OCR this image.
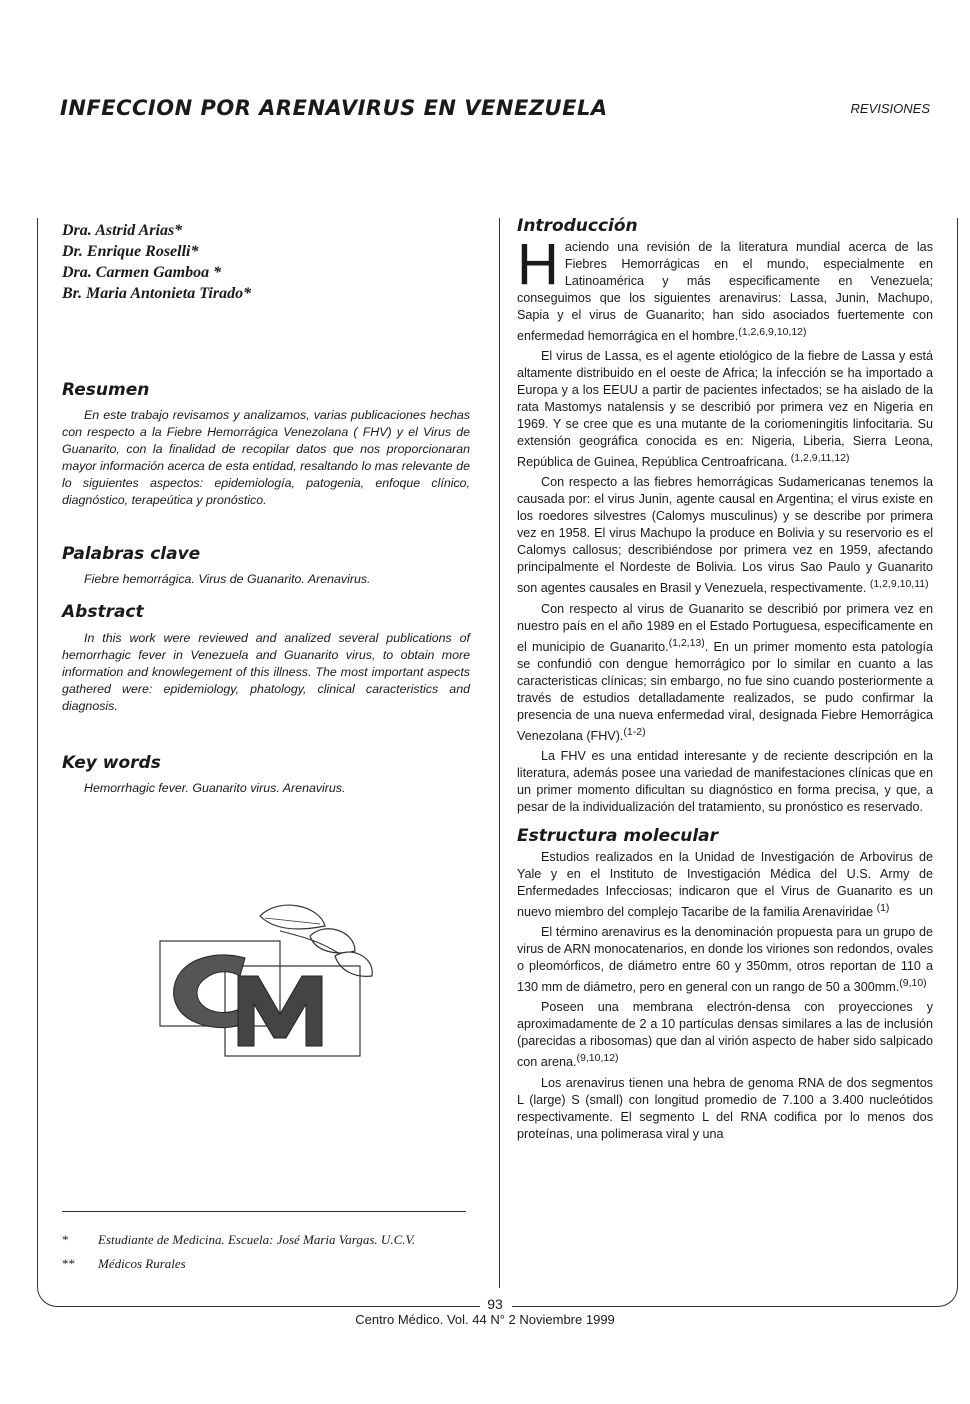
INFECCION POR ARENAVIRUS EN VENEZUELA	REVISIONES
Dra. Astrid Arias*
Dr. Enrique Roselli*
Dra. Carmen Gamboa *
Br. Maria Antonieta Tirado*
Resumen

En este trabajo revisamos y analizamos, varias publicaciones hechas con respecto a la Fiebre Hemorrágica Venezolana ( FHV) y el Virus de Guanarito, con la finalidad de recopilar datos que nos proporcionaran mayor información acerca de esta entidad, resaltando lo mas relevante de lo siguientes aspectos: epidemiología, patogenia, enfoque clínico, diagnóstico, terapeútica y pronóstico.

Palabras clave

Fiebre hemorrágica. Virus de Guanarito. Arenavirus.

Abstract

In this work were reviewed and analized several publications of hemorrhagic fever in Venezuela and Guanarito virus, to obtain more information and knowlegement of this illness. The most important aspects gathered were: epidemiology, phatology, clinical caracteristics and diagnosis.

Key words

Hemorrhagic fever. Guanarito virus. Arenavirus.

*	Estudiante de Medicina. Escuela: José Maria Vargas. U.C.V.
**	Médicos Rurales
Introducción

Haciendo una revisión de la literatura mundial acerca de las Fiebres Hemorrágicas en el mundo, especialmente en Latinoamérica y más especificamente en Venezuela; conseguimos que los siguientes arenavirus: Lassa, Junin, Machupo, Sapia y el virus de Guanarito; han sido asociados fuertemente con enfermedad hemorrágica en el hombre.$^{(1,2,6,9,10,12)}$

El virus de Lassa, es el agente etiológico de la fiebre de Lassa y está altamente distribuido en el oeste de Africa; la infección se ha importado a Europa y a los EEUU a partir de pacientes infectados; se ha aislado de la rata Mastomys natalensis y se describió por primera vez en Nigeria en 1969. Y se cree que es una mutante de la coriomeningitis linfocitaria. Su extensión geográfica conocida es en: Nigeria, Liberia, Sierra Leona, República de Guinea, República Centroafricana. $^{(1,2,9,11,12)}$

Con respecto a las fiebres hemorrágicas Sudamericanas tenemos la causada por: el virus Junin, agente causal en Argentina; el virus existe en los roedores silvestres (Calomys musculinus) y se describe por primera vez en 1958. El virus Machupo la produce en Bolivia y su reservorio es el Calomys callosus; describiéndose por primera vez en 1959, afectando principalmente el Nordeste de Bolivia. Los virus Sao Paulo y Guanarito son agentes causales en Brasil y Venezuela, respectivamente. $^{(1,2,9,10,11)}$

Con respecto al virus de Guanarito se describió por primera vez en nuestro país en el año 1989 en el Estado Portuguesa, especificamente en el municipio de Guanarito.$^{(1,2,13)}$. En un primer momento esta patología se confundió con dengue hemorrágico por lo similar en cuanto a las caracteristicas clínicas; sin embargo, no fue sino cuando posteriormente a través de estudios detalladamente realizados, se pudo confirmar la presencia de una nueva enfermedad viral, designada Fiebre Hemorrágica Venezolana (FHV).$^{(1-2)}$

La FHV es una entidad interesante y de reciente descripción en la literatura, además posee una variedad de manifestaciones clínicas que en un primer momento dificultan su diagnóstico en forma precisa, y que, a pesar de la individualización del tratamiento, su pronóstico es reservado.

Estructura molecular

Estudios realizados en la Unidad de Investigación de Arbovirus de Yale y en el Instituto de Investigación Médica del U.S. Army de Enfermedades Infecciosas; indicaron que el Virus de Guanarito es un nuevo miembro del complejo Tacaribe de la familia Arenaviridae $^{(1)}$

El término arenavirus es la denominación propuesta para un grupo de virus de ARN monocatenarios, en donde los viriones son redondos, ovales o pleomórficos, de diámetro entre 60 y 350mm, otros reportan de 110 a 130 mm de diámetro, pero en general con un rango de 50 a 300mm.$^{(9,10)}$

Poseen una membrana electrón-densa con proyecciones y aproximadamente de 2 a 10 partículas densas similares a las de inclusión (parecidas a ribosomas) que dan al virión aspecto de haber sido salpicado con arena.$^{(9,10,12)}$

Los arenavirus tienen una hebra de genoma RNA de dos segmentos L (large) S (small) con longitud promedio de 7.100 a 3.400 nucleótidos respectivamente. El segmento L del RNA codifica por lo menos dos proteínas, una polimerasa viral y una

93
Centro Médico. Vol. 44 N° 2 Noviembre 1999
